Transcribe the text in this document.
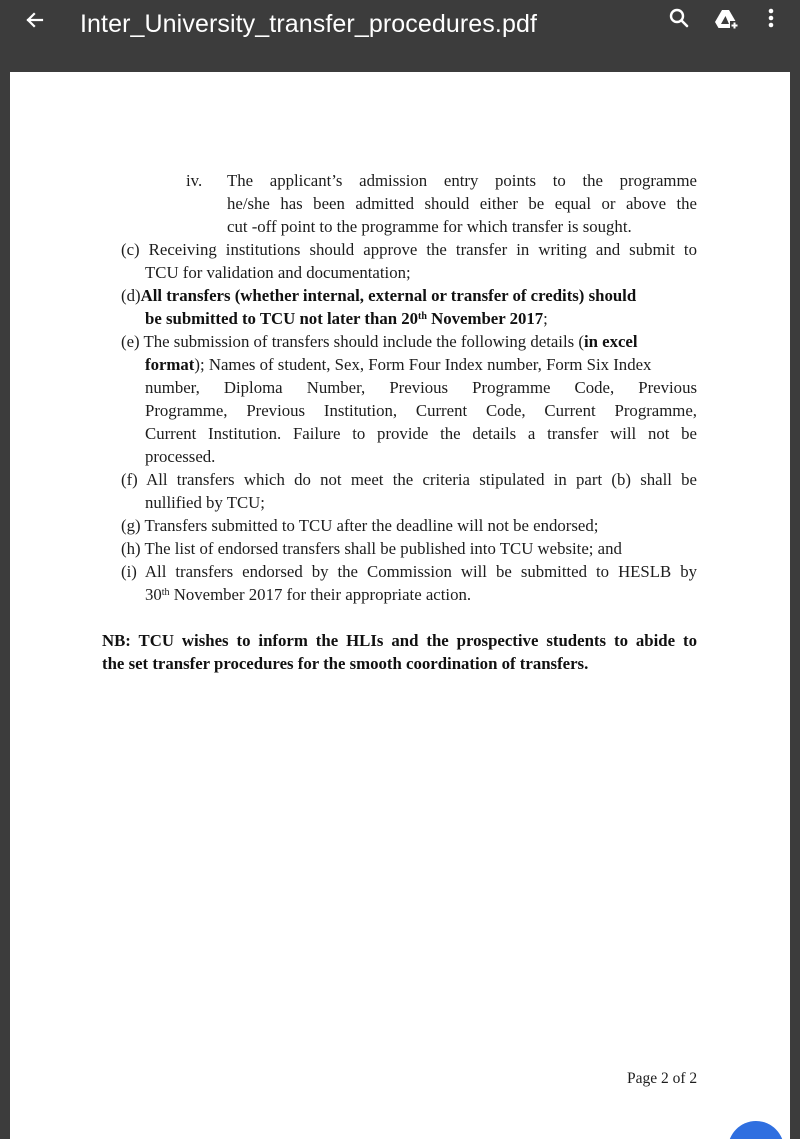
Inter_University_transfer_procedures.pdf
iv. The applicant’s admission entry points to the programme
he/she has been admitted should either be equal or above the
cut -off point to the programme for which transfer is sought.
(c) Receiving institutions should approve the transfer in writing and submit to
TCU for validation and documentation;
(d)All transfers (whether internal, external or transfer of credits) should
be submitted to TCU not later than 20th November 2017;
(e) The submission of transfers should include the following details (in excel
format); Names of student, Sex, Form Four Index number, Form Six Index
number, Diploma Number, Previous Programme Code, Previous
Programme, Previous Institution, Current Code, Current Programme,
Current Institution. Failure to provide the details a transfer will not be
processed.
(f) All transfers which do not meet the criteria stipulated in part (b) shall be
nullified by TCU;
(g) Transfers submitted to TCU after the deadline will not be endorsed;
(h) The list of endorsed transfers shall be published into TCU website; and
(i) All transfers endorsed by the Commission will be submitted to HESLB by
30th November 2017 for their appropriate action.
NB: TCU wishes to inform the HLIs and the prospective students to abide to
the set transfer procedures for the smooth coordination of transfers.
Page 2 of 2
